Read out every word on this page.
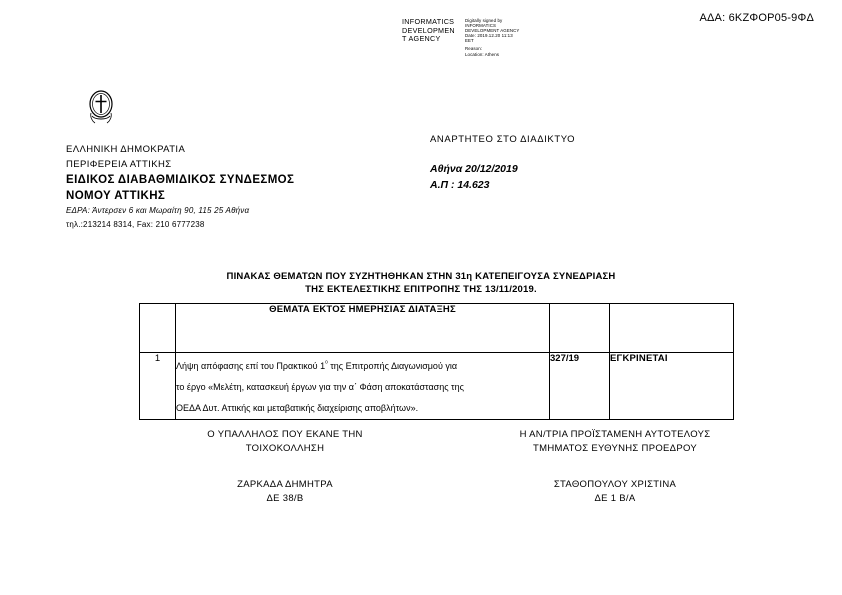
ΑΔΑ: 6ΚΖΦΟΡ05-9ΦΔ
INFORMATICS
DEVELOPMEN
T AGENCY
Digitally signed by
INFORMATICS
DEVELOPMENT AGENCY
Date: 2019.12.20 11:13
EET
Reason:
Location: Athens
ΕΛΛΗΝΙΚΗ ΔΗΜΟΚΡΑΤΙΑ
ΠΕΡΙΦΕΡΕΙΑ ΑΤΤΙΚΗΣ
ΕΙΔΙΚΟΣ ΔΙΑΒΑΘΜΙΔΙΚΟΣ ΣΥΝΔΕΣΜΟΣ
ΝΟΜΟΥ ΑΤΤΙΚΗΣ
ΕΔΡΑ: Άντερσεν 6 και Μωραίτη 90, 115 25 Αθήνα
τηλ.:213214 8314, Fax: 210 6777238
ΑΝΑΡΤΗΤΕΟ ΣΤΟ ΔΙΑΔΙΚΤΥΟ
Αθήνα 20/12/2019
Α.Π : 14.623
ΠΙΝΑΚΑΣ ΘΕΜΑΤΩΝ ΠΟΥ ΣΥΖΗΤΗΘΗΚΑΝ ΣΤΗΝ 31η ΚΑΤΕΠΕΙΓΟΥΣΑ ΣΥΝΕΔΡΙΑΣΗ
ΤΗΣ ΕΚΤΕΛΕΣΤΙΚΗΣ ΕΠΙΤΡΟΠΗΣ ΤΗΣ 13/11/2019.
	ΘΕΜΑΤΑ ΕΚΤΟΣ ΗΜΕΡΗΣΙΑΣ ΔΙΑΤΑΞΗΣ		
1	Λήψη απόφασης επί του Πρακτικού $1^ᵒ$ της Επιτροπής Διαγωνισμού για
το έργο «Μελέτη, κατασκευή έργων για την α΄ Φάση αποκατάστασης της
ΟΕΔΑ Δυτ. Αττικής και μεταβατικής διαχείρισης αποβλήτων».	327/19	ΕΓΚΡΙΝΕΤΑΙ
Ο ΥΠΑΛΛΗΛΟΣ ΠΟΥ ΕΚΑΝΕ ΤΗΝ
ΤΟΙΧΟΚΟΛΛΗΣΗ
ΖΑΡΚΑΔΑ ΔΗΜΗΤΡΑ
ΔΕ 38/Β
Η ΑΝ/ΤΡΙΑ ΠΡΟΪΣΤΑΜΕΝΗ ΑΥΤΟΤΕΛΟΥΣ
ΤΜΗΜΑΤΟΣ ΕΥΘΥΝΗΣ ΠΡΟΕΔΡΟΥ
ΣΤΑΘΟΠΟΥΛΟΥ ΧΡΙΣΤΙΝΑ
ΔΕ 1 Β/Α
